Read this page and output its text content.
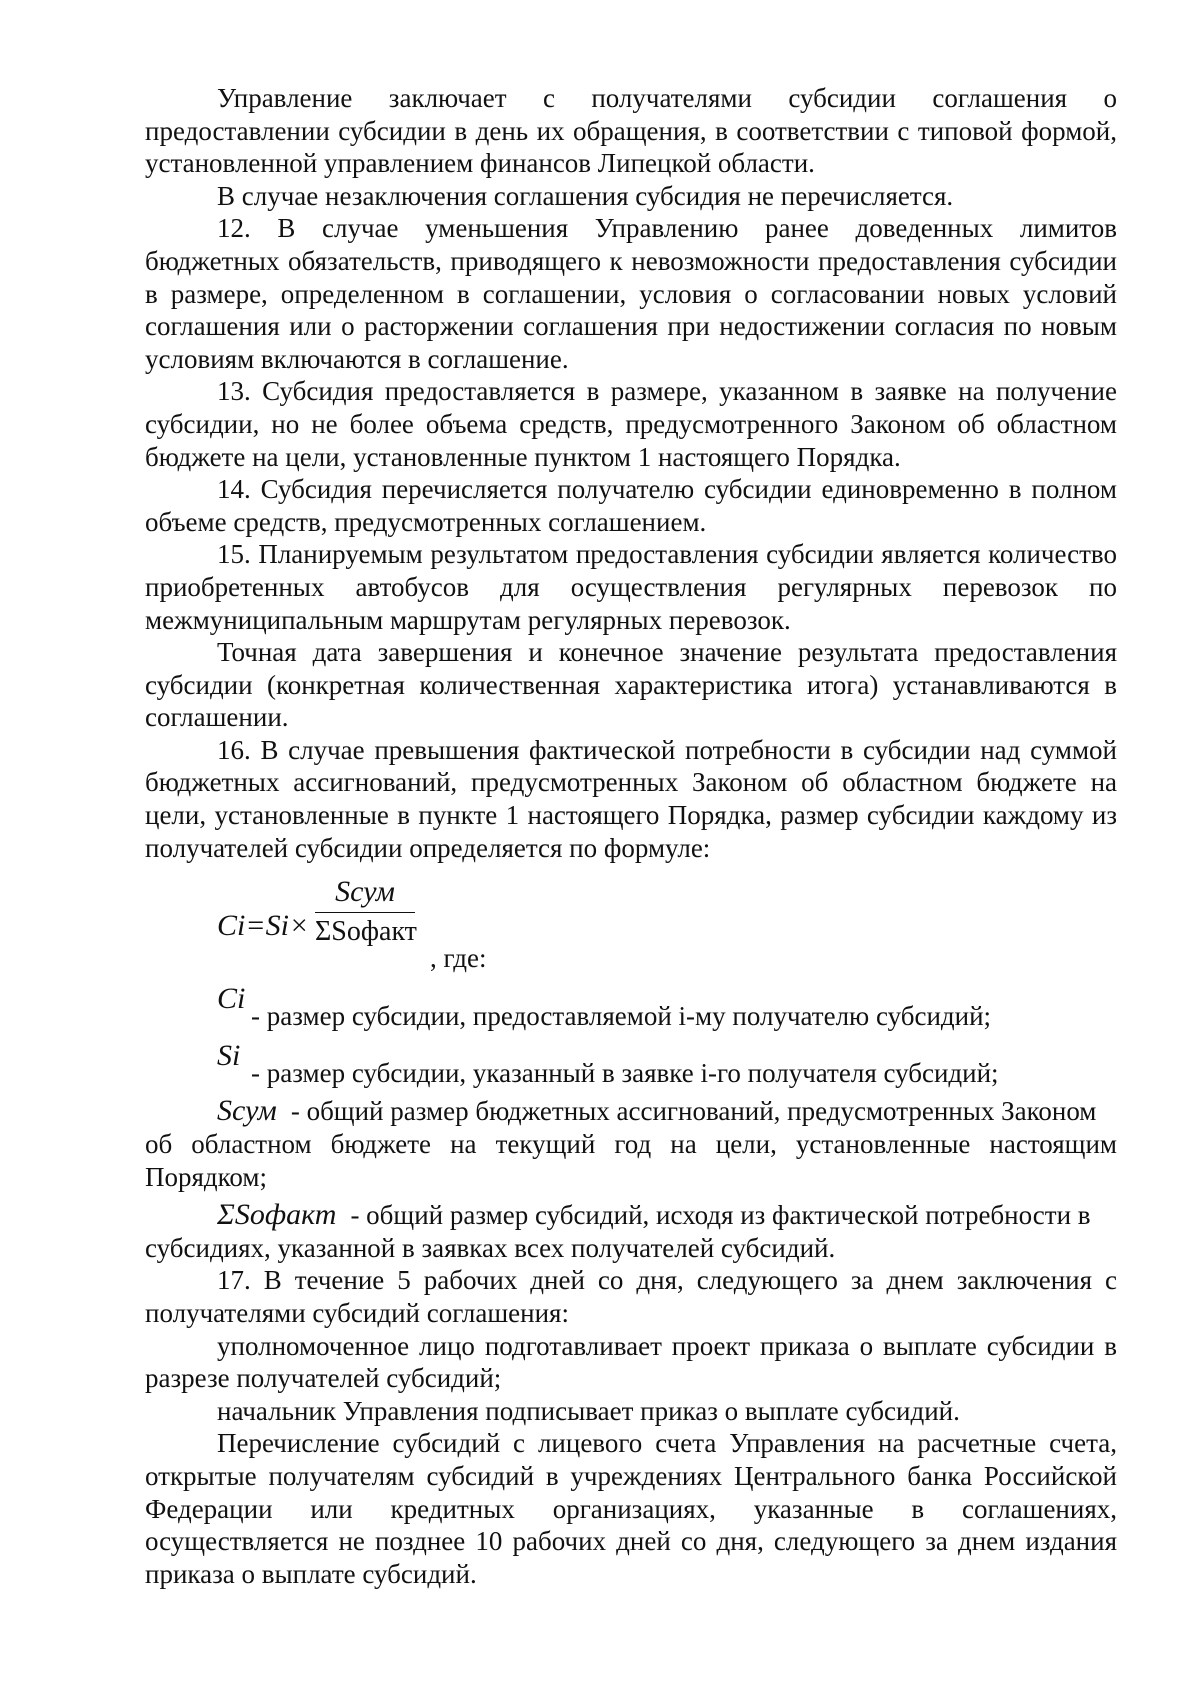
Управление заключает с получателями субсидии соглашения о предоставлении субсидии в день их обращения, в соответствии с типовой формой, установленной управлением финансов Липецкой области.

В случае незаключения соглашения субсидия не перечисляется.

12. В случае уменьшения Управлению ранее доведенных лимитов бюджетных обязательств, приводящего к невозможности предоставления субсидии в размере, определенном в соглашении, условия о согласовании новых условий соглашения или о расторжении соглашения при недостижении согласия по новым условиям включаются в соглашение.

13. Субсидия предоставляется в размере, указанном в заявке на получение субсидии, но не более объема средств, предусмотренного Законом об областном бюджете на цели, установленные пунктом 1 настоящего Порядка.

14. Субсидия перечисляется получателю субсидии единовременно в полном объеме средств, предусмотренных соглашением.

15. Планируемым результатом предоставления субсидии является количество приобретенных автобусов для осуществления регулярных перевозок по межмуниципальным маршрутам регулярных перевозок.

Точная дата завершения и конечное значение результата предоставления субсидии (конкретная количественная характеристика итога) устанавливаются в соглашении.

16. В случае превышения фактической потребности в субсидии над суммой бюджетных ассигнований, предусмотренных Законом об областном бюджете на цели, установленные в пункте 1 настоящего Порядка, размер субсидии каждому из получателей субсидии определяется по формуле:

Ci=Si×
Sсум
ΣSoфакт
, где:
Ci
- размер субсидии, предоставляемой i-му получателю субсидий;
Si
- размер субсидии, указанный в заявке i-го получателя субсидий;
Sсум - общий размер бюджетных ассигнований, предусмотренных Законом

об областном бюджете на текущий год на цели, установленные настоящим Порядком;

ΣSoфакт - общий размер субсидий, исходя из фактической потребности в

субсидиях, указанной в заявках всех получателей субсидий.

17. В течение 5 рабочих дней со дня, следующего за днем заключения с получателями субсидий соглашения:

уполномоченное лицо подготавливает проект приказа о выплате субсидии в разрезе получателей субсидий;

начальник Управления подписывает приказ о выплате субсидий.

Перечисление субсидий с лицевого счета Управления на расчетные счета, открытые получателям субсидий в учреждениях Центрального банка Российской Федерации или кредитных организациях, указанные в соглашениях, осуществляется не позднее 10 рабочих дней со дня, следующего за днем издания приказа о выплате субсидий.
